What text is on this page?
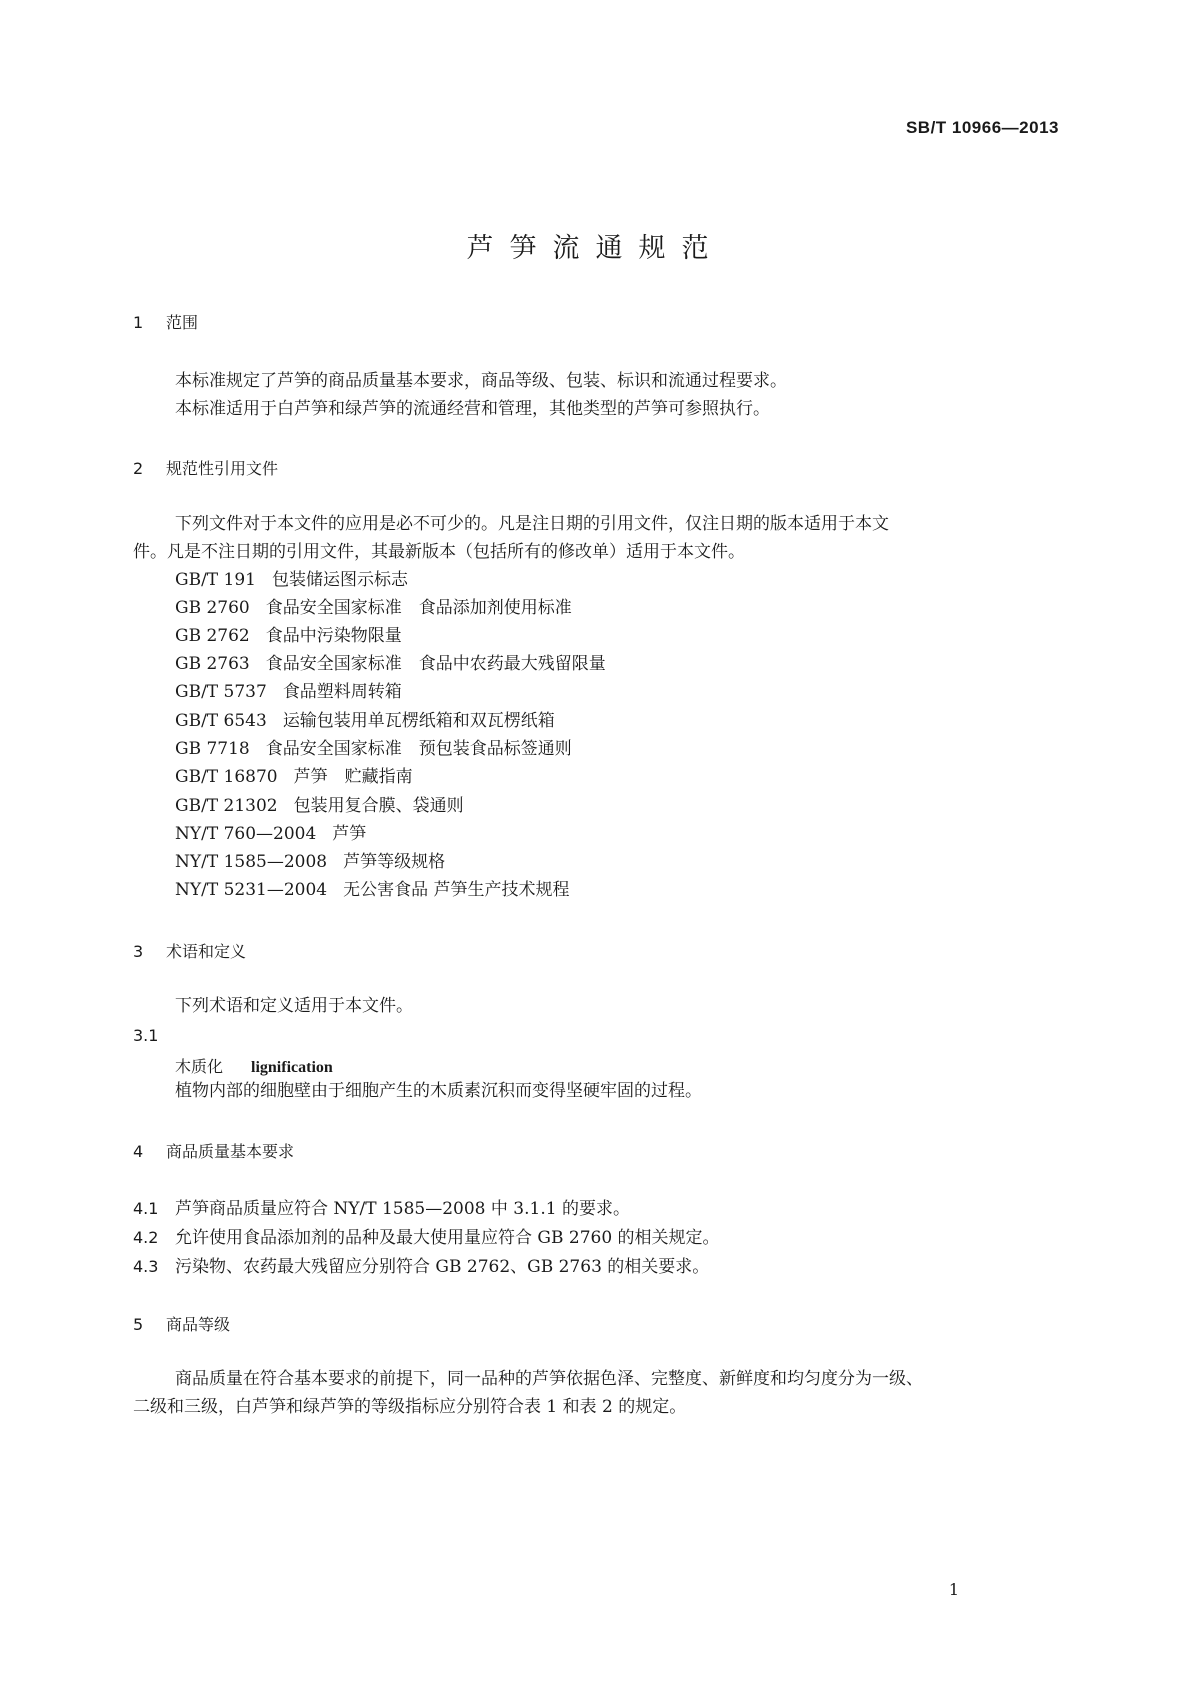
SB/T 10966—2013
芦笋流通规范
1 范围
本标准规定了芦笋的商品质量基本要求，商品等级、包装、标识和流通过程要求。
本标准适用于白芦笋和绿芦笋的流通经营和管理，其他类型的芦笋可参照执行。
2 规范性引用文件
下列文件对于本文件的应用是必不可少的。凡是注日期的引用文件，仅注日期的版本适用于本文
件。凡是不注日期的引用文件，其最新版本（包括所有的修改单）适用于本文件。
GB/T 191 包装储运图示标志
GB 2760 食品安全国家标准　食品添加剂使用标准
GB 2762 食品中污染物限量
GB 2763 食品安全国家标准　食品中农药最大残留限量
GB/T 5737 食品塑料周转箱
GB/T 6543 运输包装用单瓦楞纸箱和双瓦楞纸箱
GB 7718 食品安全国家标准　预包装食品标签通则
GB/T 16870 芦笋　贮藏指南
GB/T 21302 包装用复合膜、袋通则
NY/T 760—2004 芦笋
NY/T 1585—2008 芦笋等级规格
NY/T 5231—2004 无公害食品 芦笋生产技术规程
3 术语和定义
下列术语和定义适用于本文件。
3.1
木质化 lignification
植物内部的细胞壁由于细胞产生的木质素沉积而变得坚硬牢固的过程。
4 商品质量基本要求
4.1 芦笋商品质量应符合 NY/T 1585—2008 中 3.1.1 的要求。
4.2 允许使用食品添加剂的品种及最大使用量应符合 GB 2760 的相关规定。
4.3 污染物、农药最大残留应分别符合 GB 2762、GB 2763 的相关要求。
5 商品等级
商品质量在符合基本要求的前提下，同一品种的芦笋依据色泽、完整度、新鲜度和均匀度分为一级、
二级和三级，白芦笋和绿芦笋的等级指标应分别符合表 1 和表 2 的规定。
1
